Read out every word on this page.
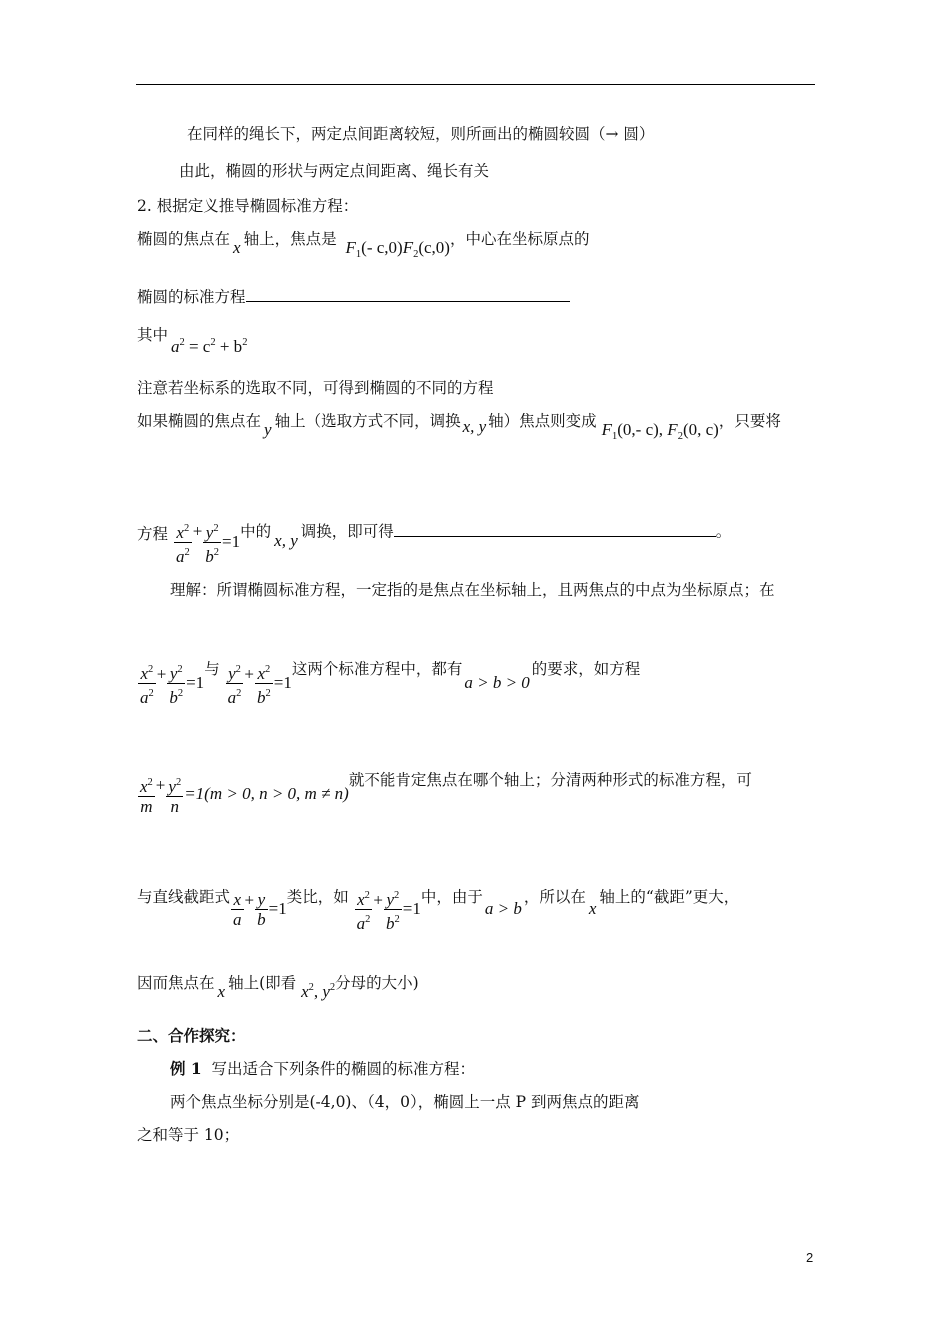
在同样的绳长下，两定点间距离较短，则所画出的椭圆较圆（→ 圆）
由此，椭圆的形状与两定点间距离、绳长有关
2. 根据定义推导椭圆标准方程：
椭圆的焦点在 x 轴上，焦点是 $F_1(-$ $c,0)F_2(c,0)$，中心在坐标原点的
椭圆的标准方程
其中 $a^2 = c^2 + b^2$
注意若坐标系的选取不同，可得到椭圆的不同的方程
如果椭圆的焦点在 y 轴上（选取方式不同，调换 x, y 轴）焦点则变成 $F_1(0,-$ c), $F_2(0$, c)，只要将
方程 $\frac{x^2}{a^2} + \frac{y^2}{b^2} =1$中的 x, y 调换，即可得	。
理解：所谓椭圆标准方程，一定指的是焦点在坐标轴上，且两焦点的中点为坐标原点；在
$\frac{x^2}{a^2} + \frac{y^2}{b^2} =1$与 $\frac{y^2}{a^2} + \frac{x^2}{b^2} =1$这两个标准方程中，都有a > b > 0的要求，如方程
$\frac{x^2}{m} + \frac{y^2}{n} =1(m > 0$, n > 0, m ≠ n)就不能肯定焦点在哪个轴上；分清两种形式的标准方程，可
与直线截距式 $\frac{x}{a} + \frac{y}{b} =1$类比，如 $\frac{x^2}{a^2} + \frac{y^2}{b^2} =1$中，由于a > b，所以在x轴上的“截距”更大，
因而焦点在 x 轴上(即看 $x^2$, $y^2$分母的大小)
二、合作探究：
例 1 写出适合下列条件的椭圆的标准方程：
两个焦点坐标分别是(-4,0)、（4，0），椭圆上一点 P 到两焦点的距离
之和等于 10；
2
